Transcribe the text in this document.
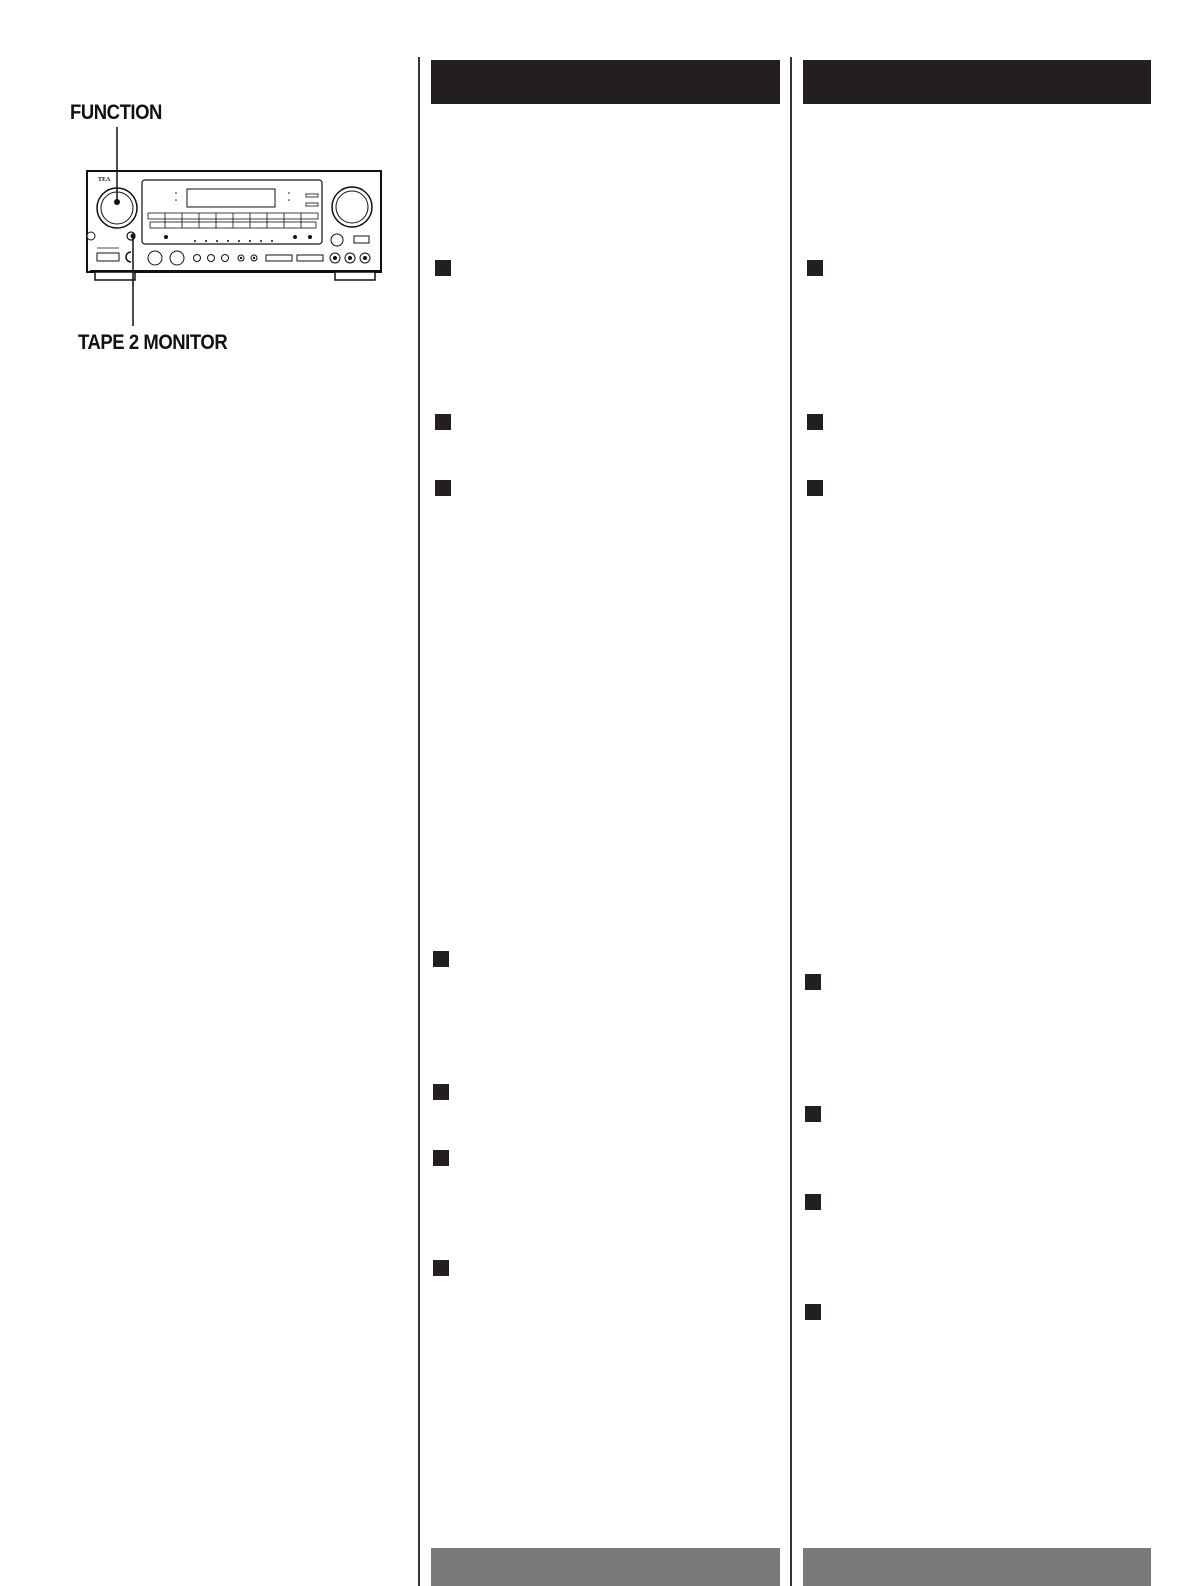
FUNCTION
TAPE 2 MONITOR
TEA
